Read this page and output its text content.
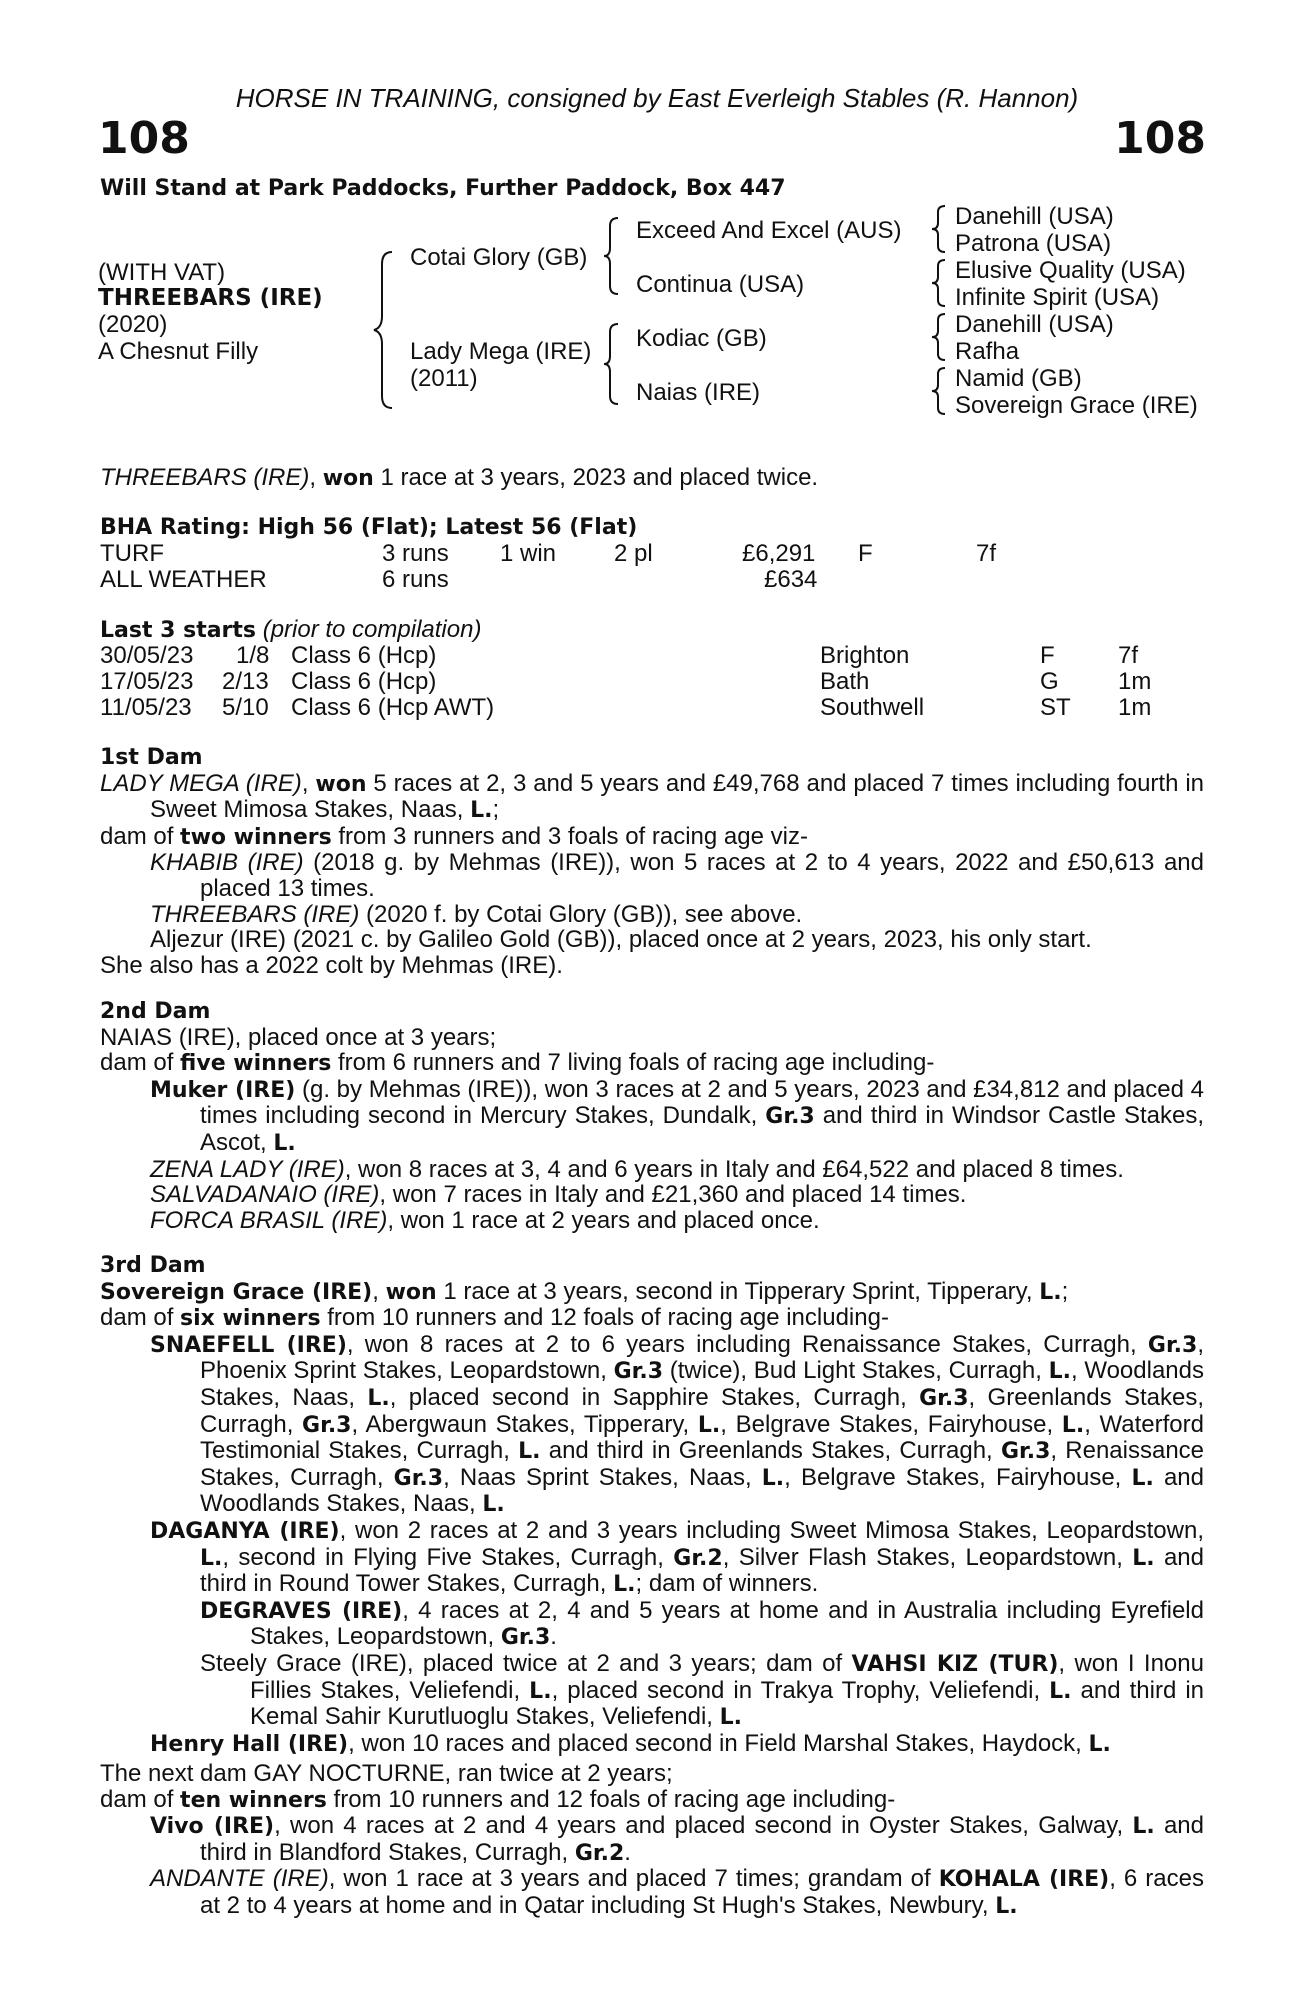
HORSE IN TRAINING, consigned by East Everleigh Stables (R. Hannon)
108	108
Will Stand at Park Paddocks, Further Paddock, Box 447
(WITH VAT)
THREEBARS (IRE)
(2020)
A Chesnut Filly
Cotai Glory (GB)
Lady Mega (IRE)
(2011)
Exceed And Excel (AUS)
Continua (USA)
Kodiac (GB)
Naias (IRE)
Danehill (USA)
Patrona (USA)
Elusive Quality (USA)
Infinite Spirit (USA)
Danehill (USA)
Rafha
Namid (GB)
Sovereign Grace (IRE)
THREEBARS (IRE), won 1 race at 3 years, 2023 and placed twice.
BHA Rating: High 56 (Flat); Latest 56 (Flat)
TURF	3 runs 1 win 2 pl	£6,291 F	7f
ALL WEATHER	6 runs	£634
Last 3 starts (prior to compilation)
30/05/23 1/8 Class 6 (Hcp)	Brighton	F	7f
17/05/23 2/13 Class 6 (Hcp)	Bath	G 1m
11/05/23 5/10 Class 6 (Hcp AWT)	Southwell	ST 1m

1st Dam

LADY MEGA (IRE), won 5 races at 2, 3 and 5 years and £49,768 and placed 7 times including fourth in Sweet Mimosa Stakes, Naas, L.;

dam of two winners from 3 runners and 3 foals of racing age viz-

KHABIB (IRE) (2018 g. by Mehmas (IRE)), won 5 races at 2 to 4 years, 2022 and £50,613 and placed 13 times.

THREEBARS (IRE) (2020 f. by Cotai Glory (GB)), see above.

Aljezur (IRE) (2021 c. by Galileo Gold (GB)), placed once at 2 years, 2023, his only start.

She also has a 2022 colt by Mehmas (IRE).

2nd Dam

NAIAS (IRE), placed once at 3 years;

dam of five winners from 6 runners and 7 living foals of racing age including-

Muker (IRE) (g. by Mehmas (IRE)), won 3 races at 2 and 5 years, 2023 and £34,812 and placed 4 times including second in Mercury Stakes, Dundalk, Gr.3 and third in Windsor Castle Stakes, Ascot, L.

ZENA LADY (IRE), won 8 races at 3, 4 and 6 years in Italy and £64,522 and placed 8 times.

SALVADANAIO (IRE), won 7 races in Italy and £21,360 and placed 14 times.

FORCA BRASIL (IRE), won 1 race at 2 years and placed once.

3rd Dam

Sovereign Grace (IRE), won 1 race at 3 years, second in Tipperary Sprint, Tipperary, L.;

dam of six winners from 10 runners and 12 foals of racing age including-

SNAEFELL (IRE), won 8 races at 2 to 6 years including Renaissance Stakes, Curragh, Gr.3, Phoenix Sprint Stakes, Leopardstown, Gr.3 (twice), Bud Light Stakes, Curragh, L., Woodlands Stakes, Naas, L., placed second in Sapphire Stakes, Curragh, Gr.3, Greenlands Stakes, Curragh, Gr.3, Abergwaun Stakes, Tipperary, L., Belgrave Stakes, Fairyhouse, L., Waterford Testimonial Stakes, Curragh, L. and third in Greenlands Stakes, Curragh, Gr.3, Renaissance Stakes, Curragh, Gr.3, Naas Sprint Stakes, Naas, L., Belgrave Stakes, Fairyhouse, L. and Woodlands Stakes, Naas, L.

DAGANYA (IRE), won 2 races at 2 and 3 years including Sweet Mimosa Stakes, Leopardstown, L., second in Flying Five Stakes, Curragh, Gr.2, Silver Flash Stakes, Leopardstown, L. and third in Round Tower Stakes, Curragh, L.; dam of winners.

DEGRAVES (IRE), 4 races at 2, 4 and 5 years at home and in Australia including Eyrefield Stakes, Leopardstown, Gr.3.

Steely Grace (IRE), placed twice at 2 and 3 years; dam of VAHSI KIZ (TUR), won I Inonu Fillies Stakes, Veliefendi, L., placed second in Trakya Trophy, Veliefendi, L. and third in Kemal Sahir Kurutluoglu Stakes, Veliefendi, L.

Henry Hall (IRE), won 10 races and placed second in Field Marshal Stakes, Haydock, L.

The next dam GAY NOCTURNE, ran twice at 2 years;

dam of ten winners from 10 runners and 12 foals of racing age including-

Vivo (IRE), won 4 races at 2 and 4 years and placed second in Oyster Stakes, Galway, L. and third in Blandford Stakes, Curragh, Gr.2.

ANDANTE (IRE), won 1 race at 3 years and placed 7 times; grandam of KOHALA (IRE), 6 races at 2 to 4 years at home and in Qatar including St Hugh's Stakes, Newbury, L.
